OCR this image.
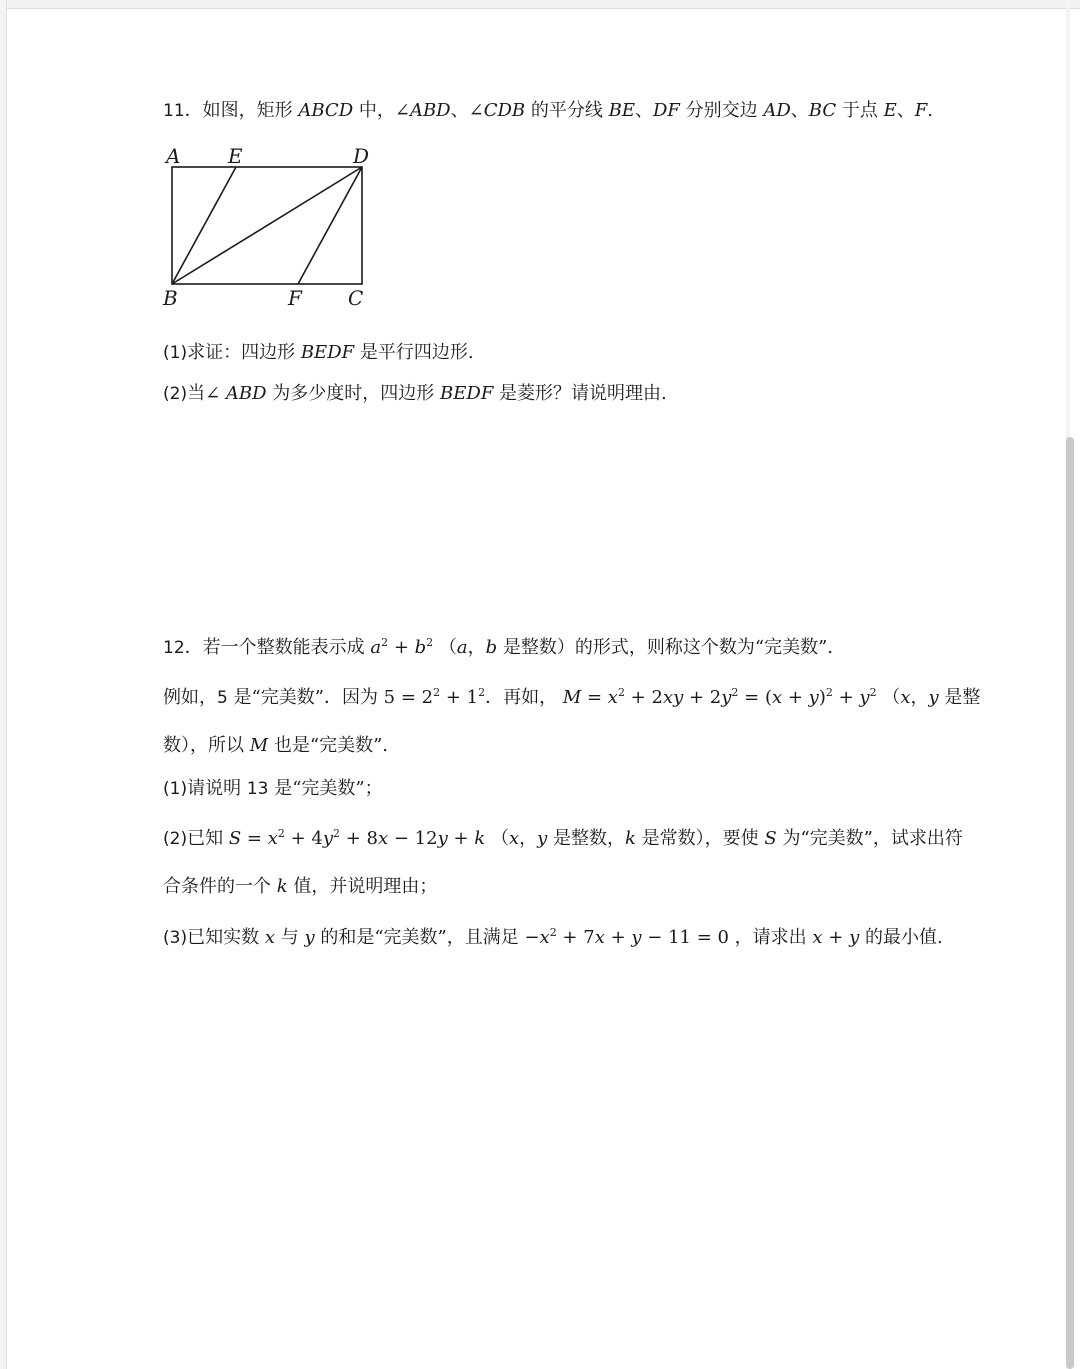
11．如图，矩形 ABCD 中，∠ABD、∠CDB 的平分线 BE、DF 分别交边 AD、BC 于点 E、F.
A E	D
B	F C
(1)求证：四边形 BEDF 是平行四边形.
(2)当∠ ABD 为多少度时，四边形 BEDF 是菱形？请说明理由.
12．若一个整数能表示成 $a^2 + b^2$ （a，b 是整数）的形式，则称这个数为“完美数”.
例如，5 是“完美数”．因为 $5 = 2^2 + 1^2$．再如， $M = x^2 + 2xy + 2y^2 = (x + y)^2 + y^2$ （x，y 是整
数），所以 M 也是“完美数”.
(1)请说明 13 是“完美数”；
(2)已知 $S = x^2 + 4y^2 + 8x - 12y + k$ （x，y 是整数，k 是常数），要使 S 为“完美数”，试求出符
合条件的一个 k 值，并说明理由；
(3)已知实数 x 与 y 的和是“完美数”，且满足 $-x^2 + 7x + y - 11 = 0$ ，请求出 x + y 的最小值.
